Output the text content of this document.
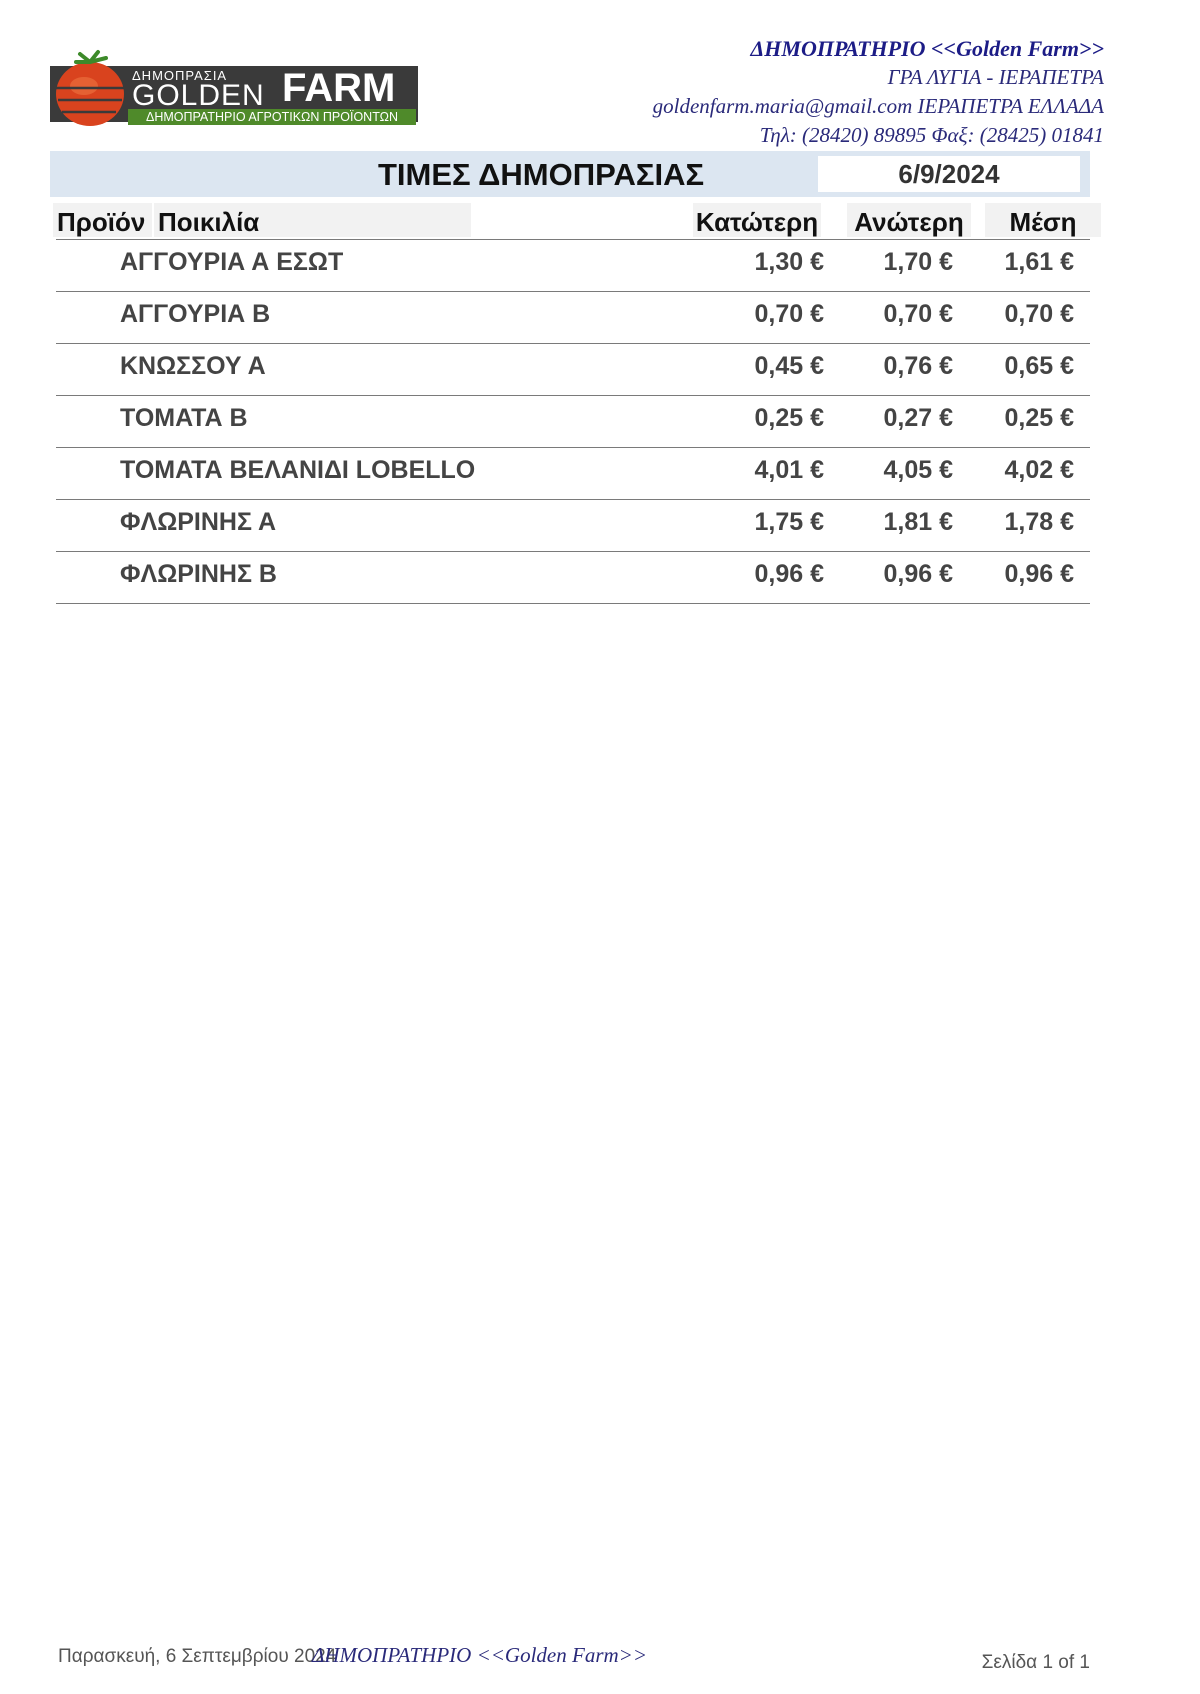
ΔΗΜΟΠΡΑΤΗΡΙΟ ΑΓΡΟΤΙΚΩΝ ΠΡΟΪΟΝΤΩΝ
ΔΗΜΟΠΡΑΣΙΑ
GOLDEN FARM
ΔΗΜΟΠΡΑΤΗΡΙΟ <<Golden Farm>>
ΓΡΑ ΛΥΓΙΑ - ΙΕΡΑΠΕΤΡΑ
goldenfarm.maria@gmail.com ΙΕΡΑΠΕΤΡΑ ΕΛΛΑΔΑ
Τηλ: (28420) 89895 Φαξ: (28425) 01841
ΤΙΜΕΣ ΔΗΜΟΠΡΑΣΙΑΣ	6/9/2024
Προϊόν Ποικιλία	Κατώτερη Ανώτερη	Μέση
ΑΓΓΟΥΡΙΑ Α ΕΣΩΤ	1,30 € 1,70 € 1,61 €
ΑΓΓΟΥΡΙΑ Β	0,70 € 0,70 € 0,70 €
ΚΝΩΣΣΟΥ Α	0,45 € 0,76 € 0,65 €
ΤΟΜΑΤΑ Β	0,25 € 0,27 € 0,25 €
ΤΟΜΑΤΑ ΒΕΛΑΝΙΔΙ LOBELLO	4,01 € 4,05 € 4,02 €
ΦΛΩΡΙΝΗΣ Α	1,75 € 1,81 € 1,78 €
ΦΛΩΡΙΝΗΣ Β	0,96 € 0,96 € 0,96 €
Παρασκευή, 6 Σεπτεμβρίου 2024
ΔΗΜΟΠΡΑΤΗΡΙΟ <<Golden Farm>>	Σελίδα 1 of 1
